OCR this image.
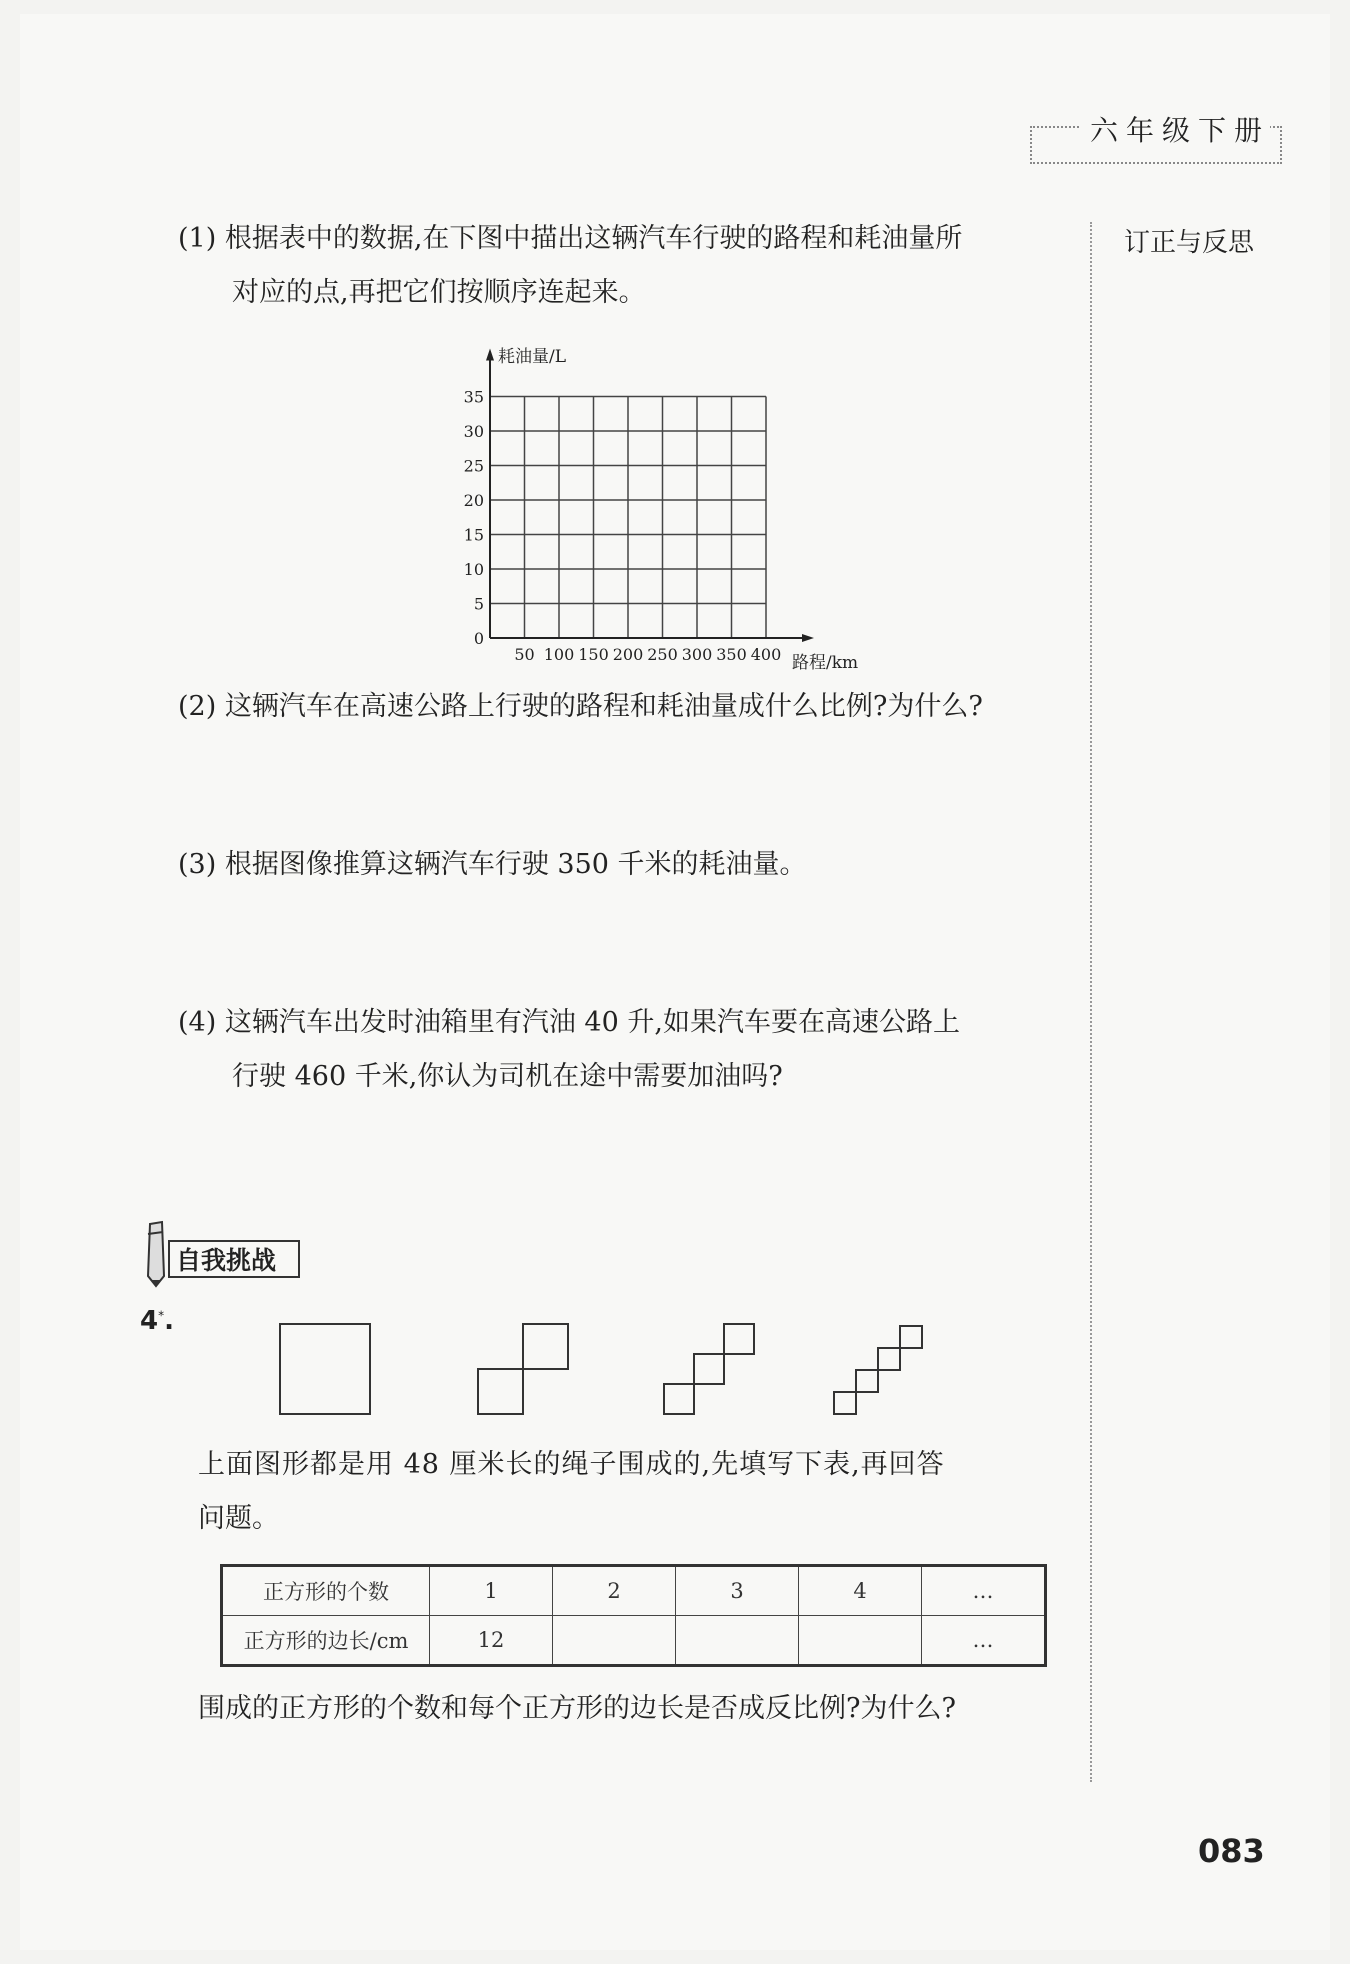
六年级下册
订正与反思
(1) 根据表中的数据,在下图中描出这辆汽车行驶的路程和耗油量所
对应的点,再把它们按顺序连起来。
50 100 150 200 250 300 350 400
0
5
10
15
20
25
30
35
耗油量/L
路程/km
(2) 这辆汽车在高速公路上行驶的路程和耗油量成什么比例?为什么?
(3) 根据图像推算这辆汽车行驶 350 千米的耗油量。
(4) 这辆汽车出发时油箱里有汽油 40 升,如果汽车要在高速公路上
行驶 460 千米,你认为司机在途中需要加油吗?
自我挑战
4*.
上面图形都是用 48 厘米长的绳子围成的,先填写下表,再回答
问题。
正方形的个数	1	2	3	4	…
正方形的边长/cm	12				…
围成的正方形的个数和每个正方形的边长是否成反比例?为什么?
083
